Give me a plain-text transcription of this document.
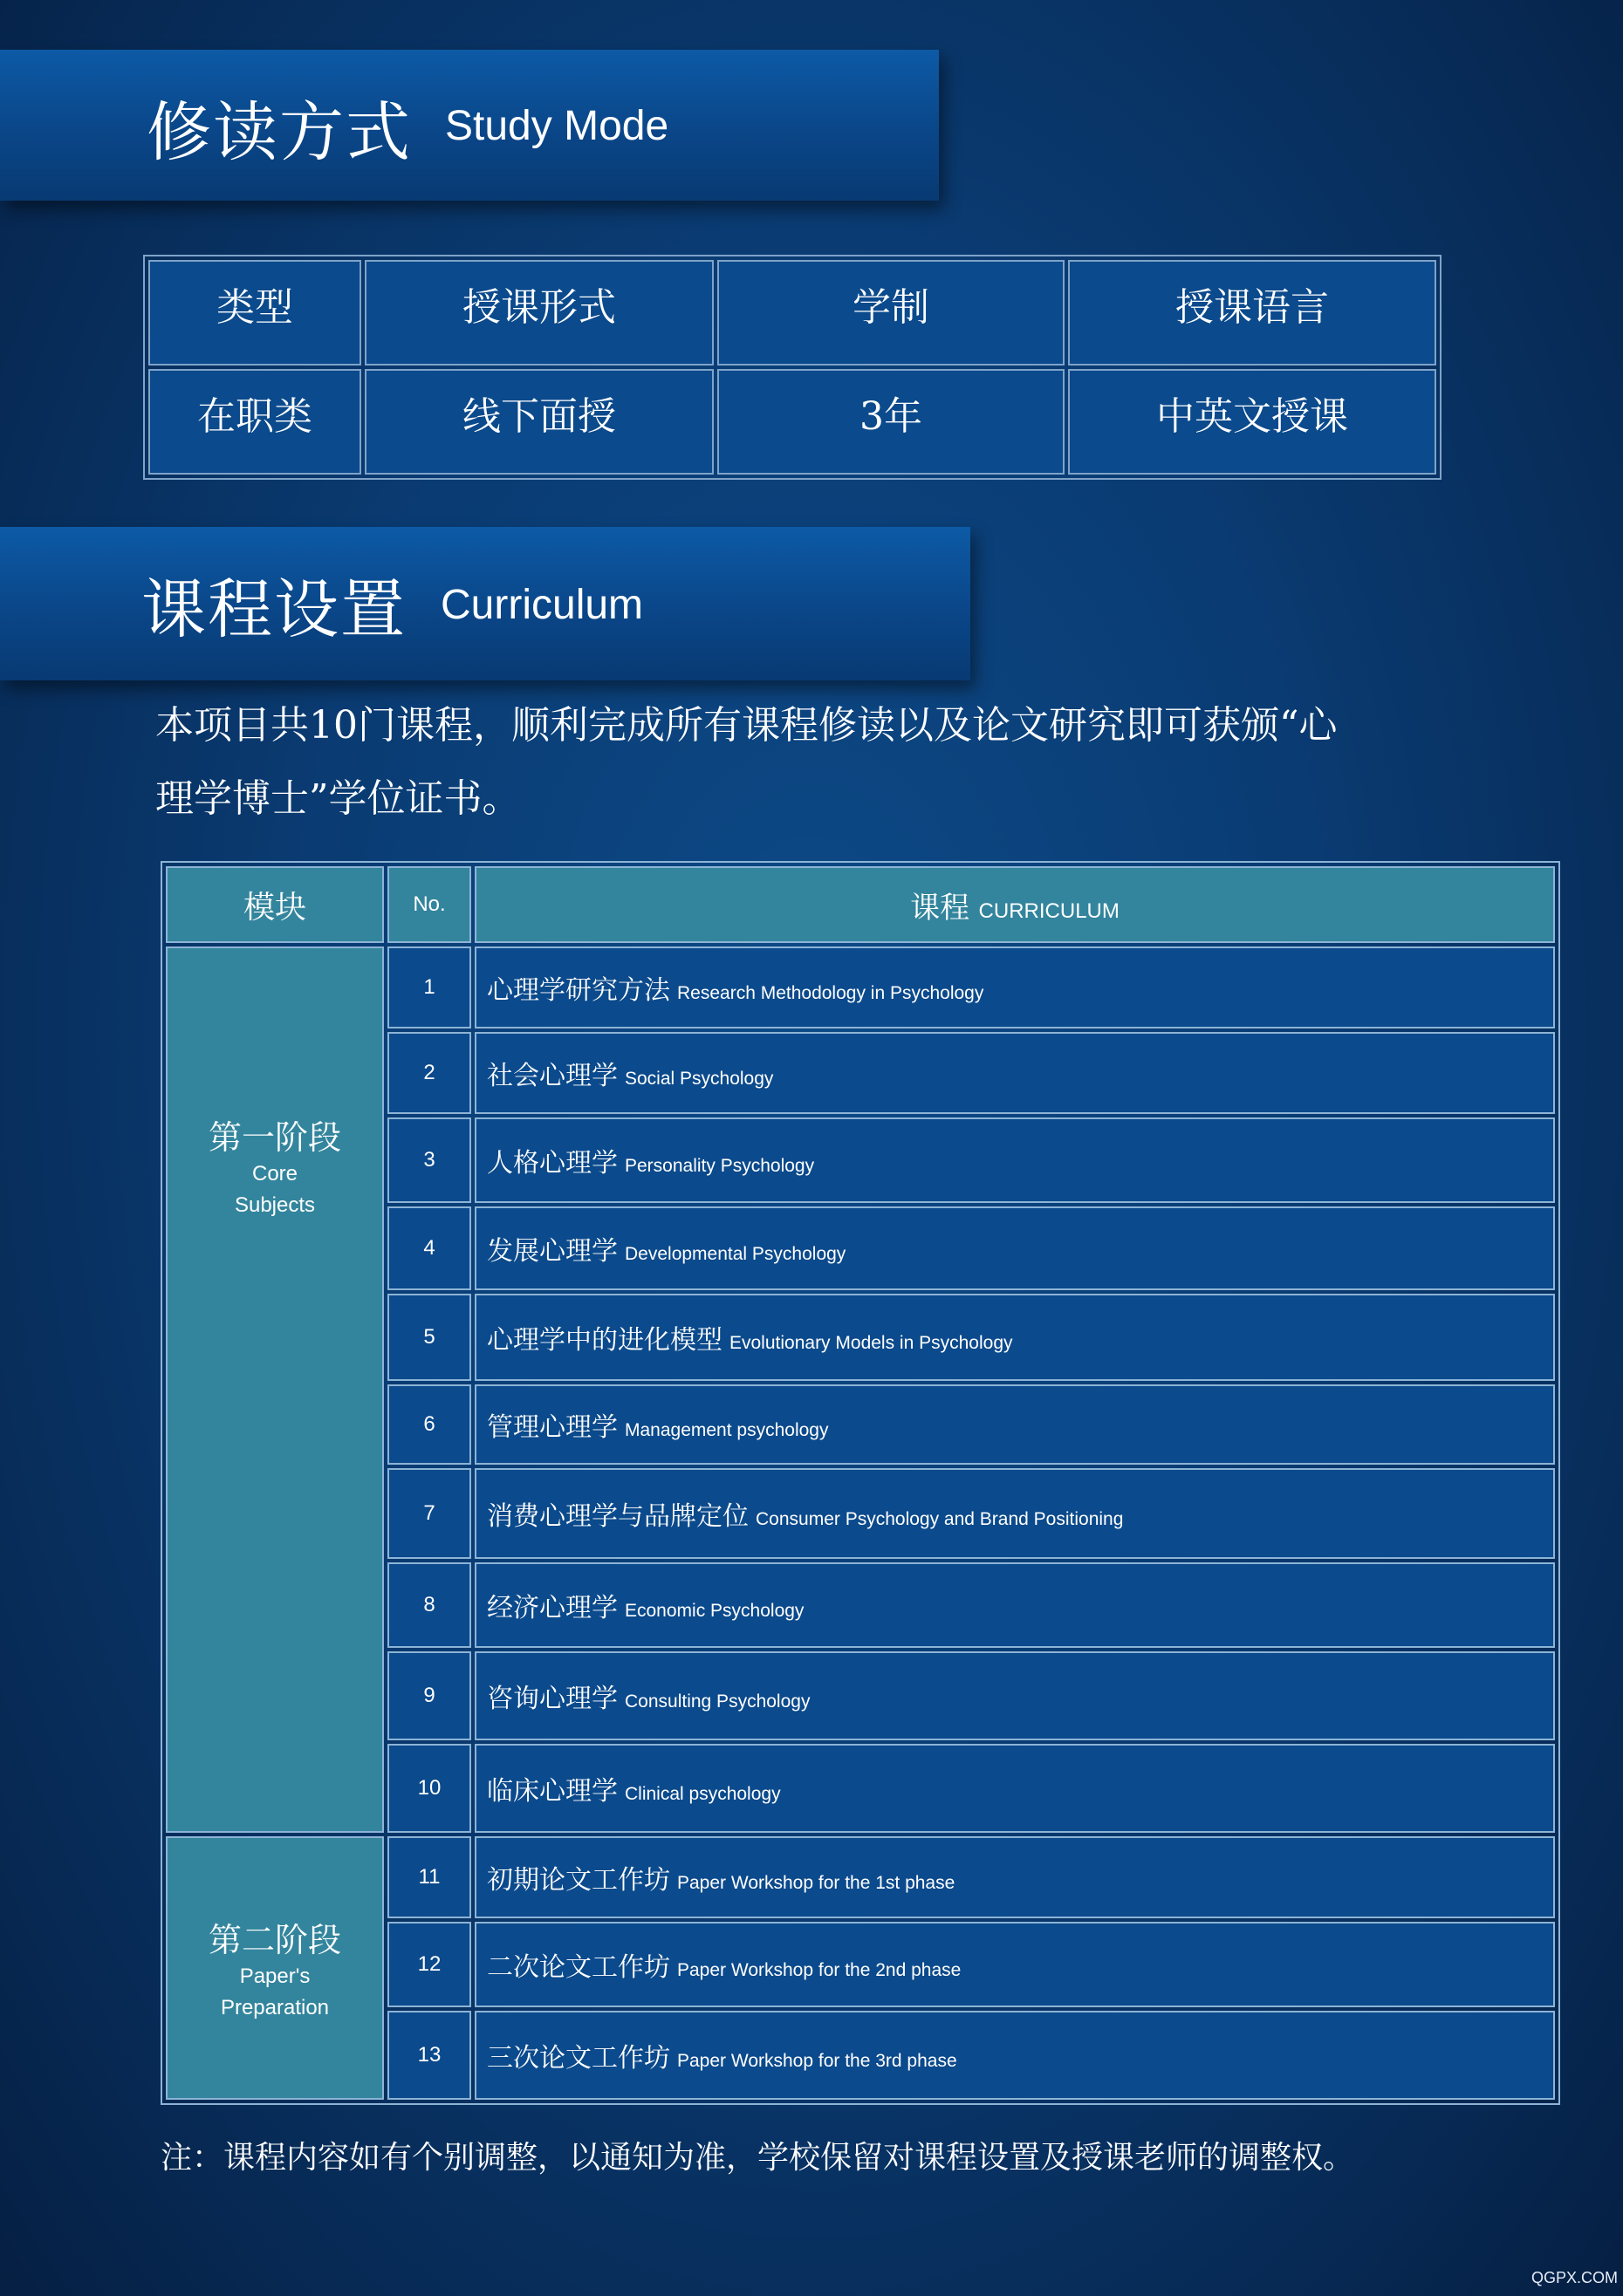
修读方式 Study Mode
类型	授课形式	学制	授课语言
在职类	线下面授	3年	中英文授课
课程设置 Curriculum
本项目共10门课程，顺利完成所有课程修读以及论文研究即可获颁“心
理学博士”学位证书。
模块	No.	课程 CURRICULUM

第一阶段
Core
Subjects	1	心理学研究方法 Research Methodology in Psychology
	2	社会心理学 Social Psychology
	3	人格心理学 Personality Psychology
	4	发展心理学 Developmental Psychology
	5	心理学中的进化模型 Evolutionary Models in Psychology
	6	管理心理学 Management psychology
	7	消费心理学与品牌定位 Consumer Psychology and Brand Positioning
	8	经济心理学 Economic Psychology
	9	咨询心理学 Consulting Psychology
	10	临床心理学 Clinical psychology

第二阶段
Paper's
Preparation	11	初期论文工作坊 Paper Workshop for the 1st phase
	12	二次论文工作坊 Paper Workshop for the 2nd phase
	13	三次论文工作坊 Paper Workshop for the 3rd phase
注：课程内容如有个别调整，以通知为准，学校保留对课程设置及授课老师的调整权。
QGPX.COM
